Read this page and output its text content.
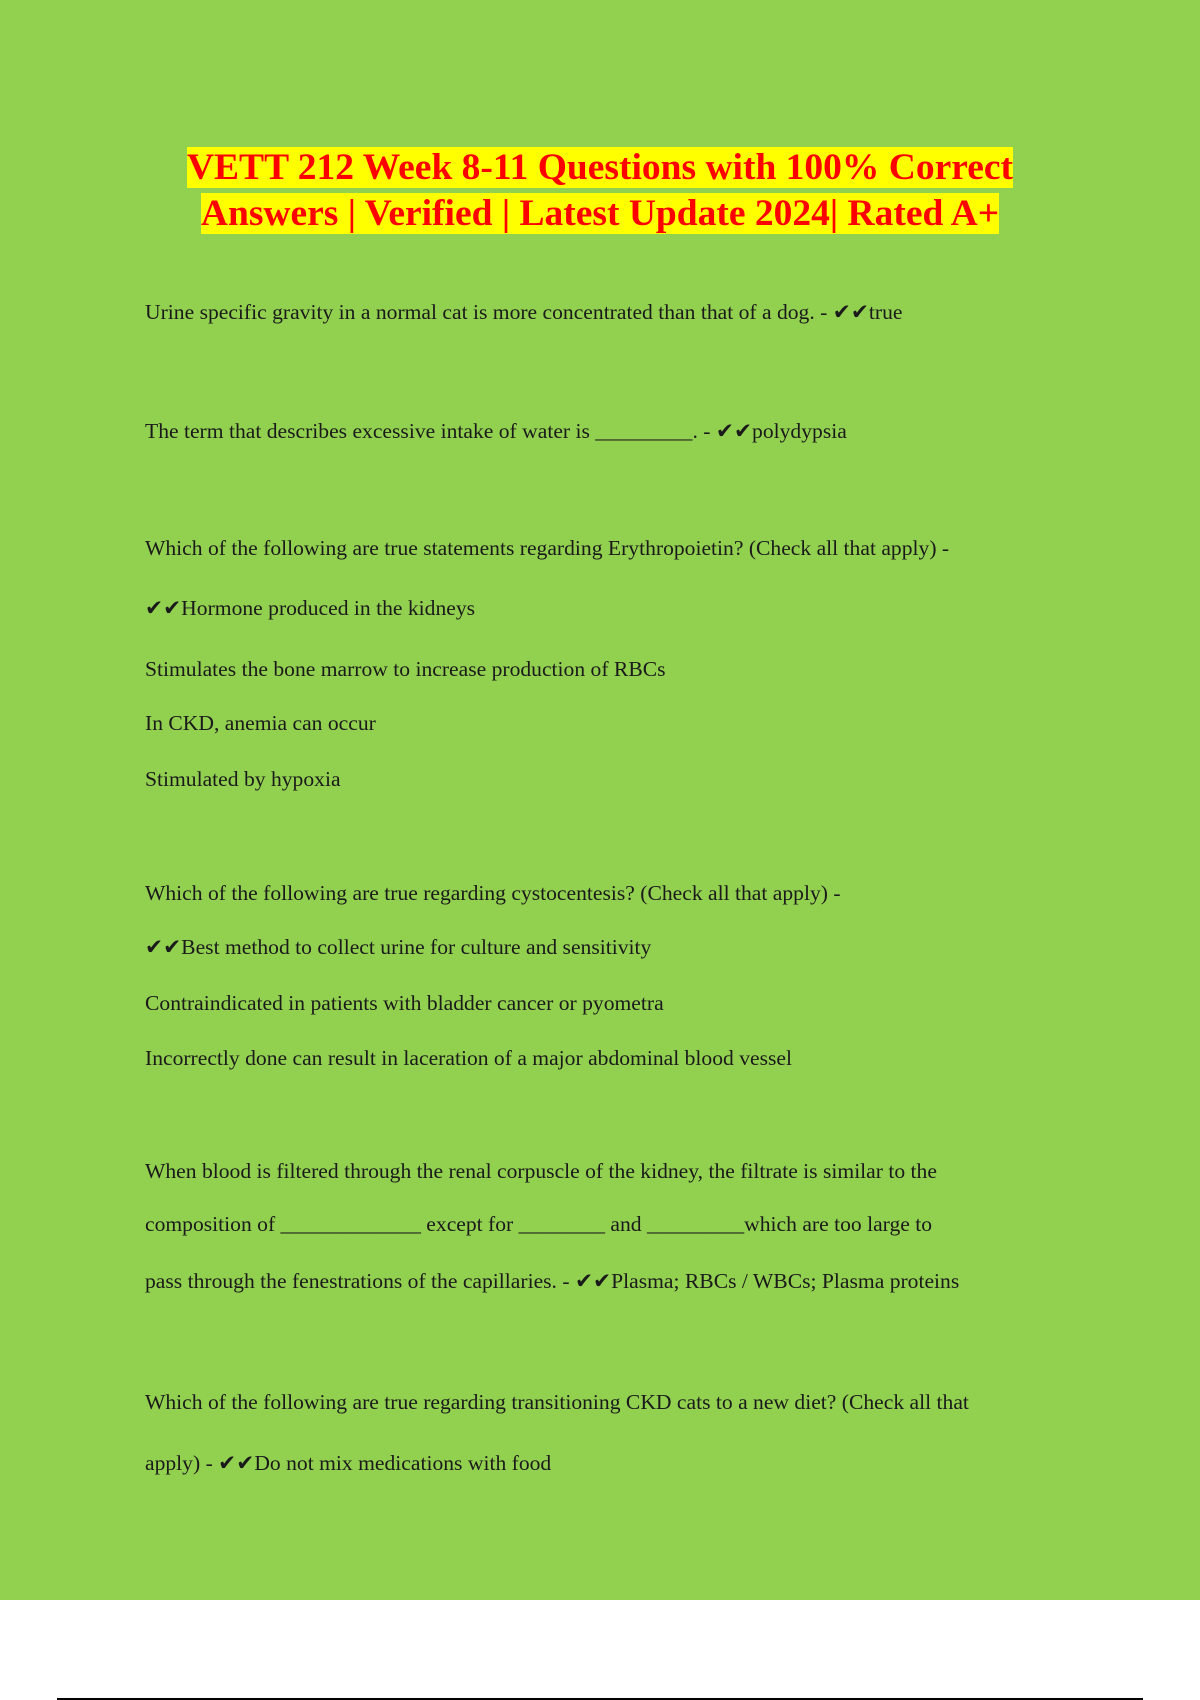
VETT 212 Week 8-11 Questions with 100% Correct
Answers | Verified | Latest Update 2024| Rated A+
Urine specific gravity in a normal cat is more concentrated than that of a dog. - ✔✔true
The term that describes excessive intake of water is _________. - ✔✔polydypsia
Which of the following are true statements regarding Erythropoietin? (Check all that apply) -
✔✔Hormone produced in the kidneys
Stimulates the bone marrow to increase production of RBCs
In CKD, anemia can occur
Stimulated by hypoxia
Which of the following are true regarding cystocentesis? (Check all that apply) -
✔✔Best method to collect urine for culture and sensitivity
Contraindicated in patients with bladder cancer or pyometra
Incorrectly done can result in laceration of a major abdominal blood vessel
When blood is filtered through the renal corpuscle of the kidney, the filtrate is similar to the
composition of _____________ except for ________ and _________which are too large to
pass through the fenestrations of the capillaries. - ✔✔Plasma; RBCs / WBCs; Plasma proteins
Which of the following are true regarding transitioning CKD cats to a new diet? (Check all that
apply) - ✔✔Do not mix medications with food
